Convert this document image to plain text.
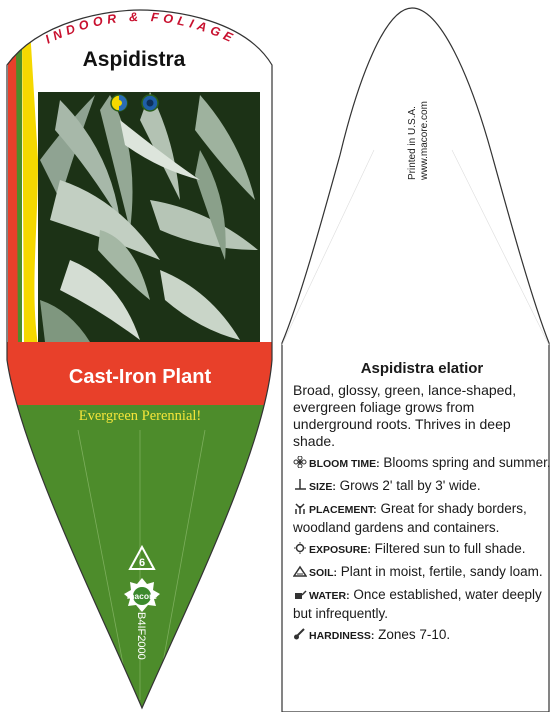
INDOOR & FOLIAGE
Aspidistra
Cast-Iron Plant
Evergreen Perennial!
6
macore
B4IF2000
Printed in U.S.A. www.macore.com
Aspidistra elatior
Broad, glossy, green, lance-shaped, evergreen foliage grows from underground roots. Thrives in deep shade.
BLOOM TIME: Blooms spring and summer.
SIZE: Grows 2' tall by 3' wide.
PLACEMENT: Great for shady borders, woodland gardens and containers.
EXPOSURE: Filtered sun to full shade.
SOIL: Plant in moist, fertile, sandy loam.
WATER: Once established, water deeply but infrequently.
HARDINESS: Zones 7-10.
